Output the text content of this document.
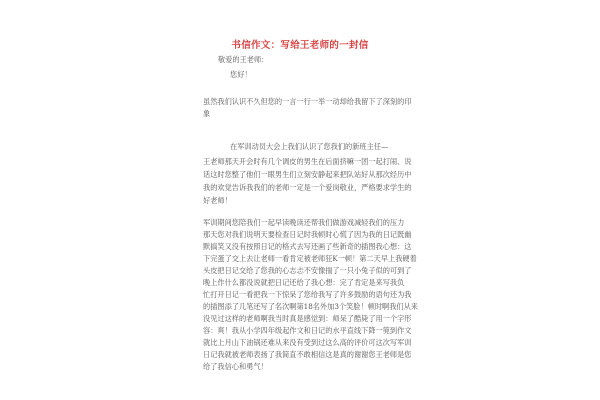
书信作文：写给王老师的一封信
敬爱的王老师：
您好！
虽然我们认识不久但您的一言一行一举一动却给我留下了深刻的印
象
在军训动员大会上我们认识了您我们的新班主任—
王老师那天开会时有几个调皮的男生在后面挤嘛一团一起打闹、说
话这时您整了他们一眼男生们立刻安静起来把队站好从那次经历中
我的欢觉告诉我我们的老师一定是一个爱岗敬业，严格要求学生的
好老师！
军训期间您陪我们一起早读晚读还帮我们做游戏减轻我们的压力
那天您对我们说明天要检查日记时我顿时心慌了因为我的日记既幽
默搞笑又没有按照日记的格式去写还画了些新奇的插图我心想：这
下完蛋了交上去让老师一看肯定被老师狂K一顿！第二天早上我硬着
头皮把日记交给了您我的心志忐不安像揣了一只小兔子似的可到了
晚上作什么都没说就把日记还给了我心想：完了肯定是来写我负
忙打开日记一看把我一下惊呆了您给我写了许多鼓励的语句还为我
的插图添了几笔还写了名次啊第18名外加3个笑脸！顿时啊我们从来
没见过这样的老师啊我当时真是感觉到：师呆了酷毙了用一个字形
容：爽！我从小学四年级起作文和日记的水平直线下降一篼到作文
就比上月山下油锅还难从来没有受到过这么高的评价可这次写军训
日记我就被老师表扬了我简直不敢相信这是真的谢谢您王老师是您
给了我信心和勇气！
